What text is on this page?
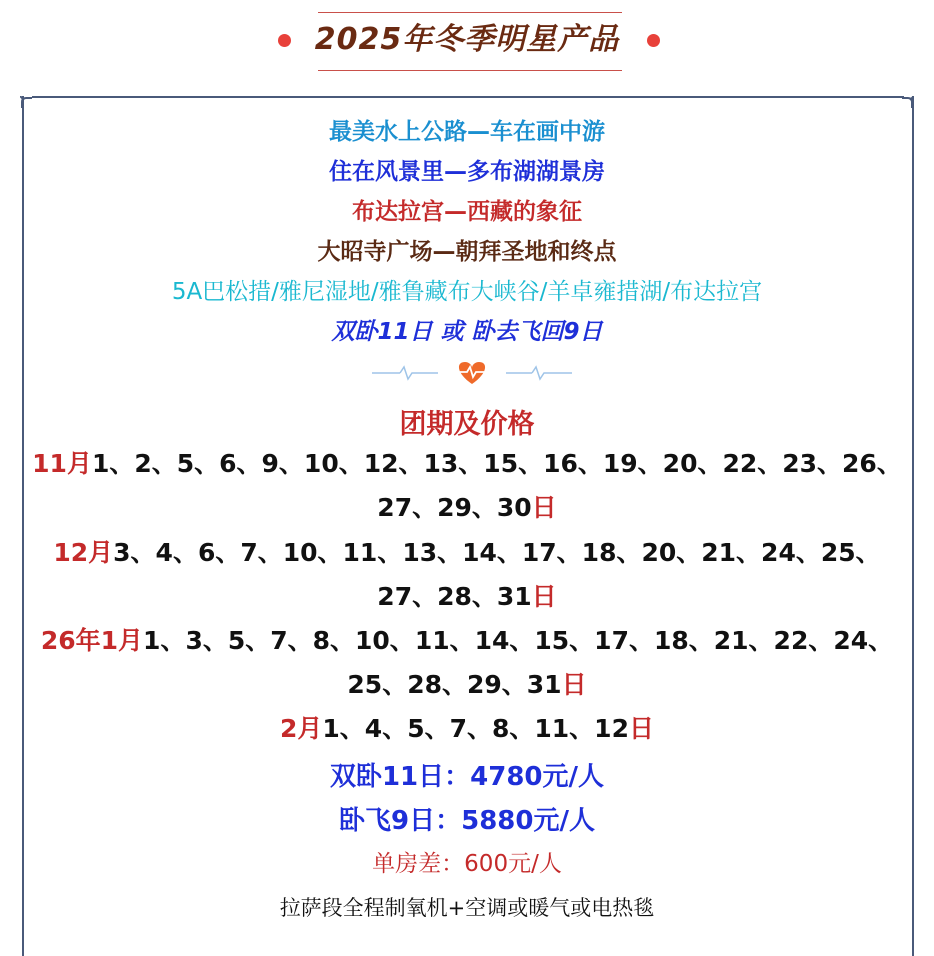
2025年冬季明星产品
最美水上公路—车在画中游
住在风景里—多布湖湖景房
布达拉宫—西藏的象征
大昭寺广场—朝拜圣地和终点
5A巴松措/雅尼湿地/雅鲁藏布大峡谷/羊卓雍措湖/布达拉宫
双卧11日 或 卧去飞回9日
团期及价格
11月1、2、5、6、9、10、12、13、15、16、19、20、22、23、26、
27、29、30日
12月3、4、6、7、10、11、13、14、17、18、20、21、24、25、
27、28、31日
26年1月1、3、5、7、8、10、11、14、15、17、18、21、22、24、
25、28、29、31日
2月1、4、5、7、8、11、12日
双卧11日：4780元/人
卧飞9日：5880元/人
单房差：600元/人
拉萨段全程制氧机+空调或暖气或电热毯
